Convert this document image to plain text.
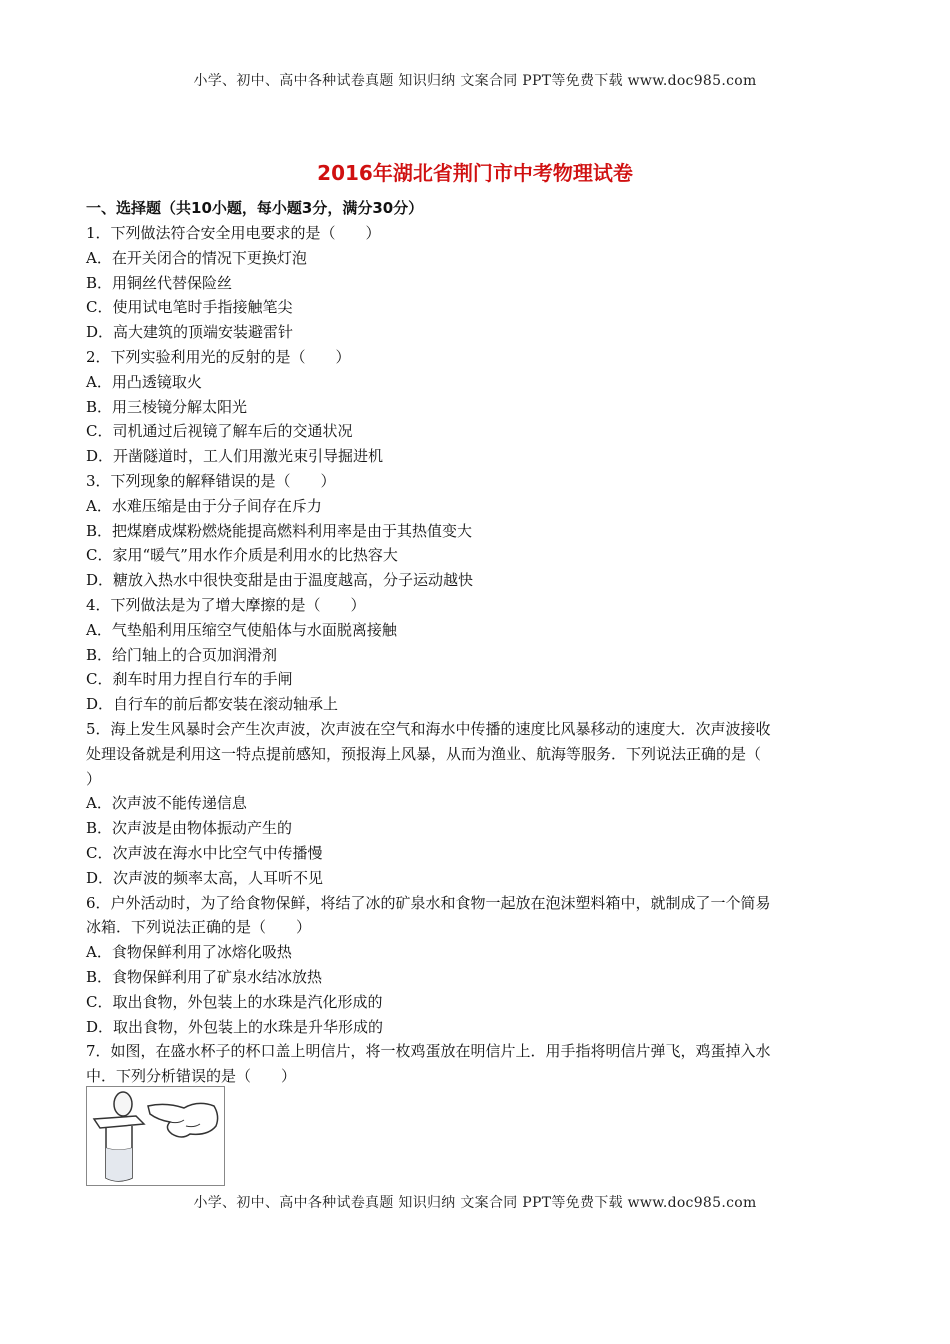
小学、初中、高中各种试卷真题 知识归纳 文案合同 PPT等免费下载 www.doc985.com
2016年湖北省荆门市中考物理试卷
一、选择题（共10小题，每小题3分，满分30分）
1．下列做法符合安全用电要求的是（　　）
A．在开关闭合的情况下更换灯泡
B．用铜丝代替保险丝
C．使用试电笔时手指接触笔尖
D．高大建筑的顶端安装避雷针
2．下列实验利用光的反射的是（　　）
A．用凸透镜取火
B．用三棱镜分解太阳光
C．司机通过后视镜了解车后的交通状况
D．开凿隧道时，工人们用激光束引导掘进机
3．下列现象的解释错误的是（　　）
A．水难压缩是由于分子间存在斥力
B．把煤磨成煤粉燃烧能提高燃料利用率是由于其热值变大
C．家用“暖气”用水作介质是利用水的比热容大
D．糖放入热水中很快变甜是由于温度越高，分子运动越快
4．下列做法是为了增大摩擦的是（　　）
A．气垫船利用压缩空气使船体与水面脱离接触
B．给门轴上的合页加润滑剂
C．刹车时用力捏自行车的手闸
D．自行车的前后都安装在滚动轴承上
5．海上发生风暴时会产生次声波，次声波在空气和海水中传播的速度比风暴移动的速度大．次声波接收
处理设备就是利用这一特点提前感知，预报海上风暴，从而为渔业、航海等服务．下列说法正确的是（
）
A．次声波不能传递信息
B．次声波是由物体振动产生的
C．次声波在海水中比空气中传播慢
D．次声波的频率太高，人耳听不见
6．户外活动时，为了给食物保鲜，将结了冰的矿泉水和食物一起放在泡沫塑料箱中，就制成了一个简易
冰箱．下列说法正确的是（　　）
A．食物保鲜利用了冰熔化吸热
B．食物保鲜利用了矿泉水结冰放热
C．取出食物，外包装上的水珠是汽化形成的
D．取出食物，外包装上的水珠是升华形成的
7．如图，在盛水杯子的杯口盖上明信片，将一枚鸡蛋放在明信片上．用手指将明信片弹飞，鸡蛋掉入水
中．下列分析错误的是（　　）
小学、初中、高中各种试卷真题 知识归纳 文案合同 PPT等免费下载 www.doc985.com
